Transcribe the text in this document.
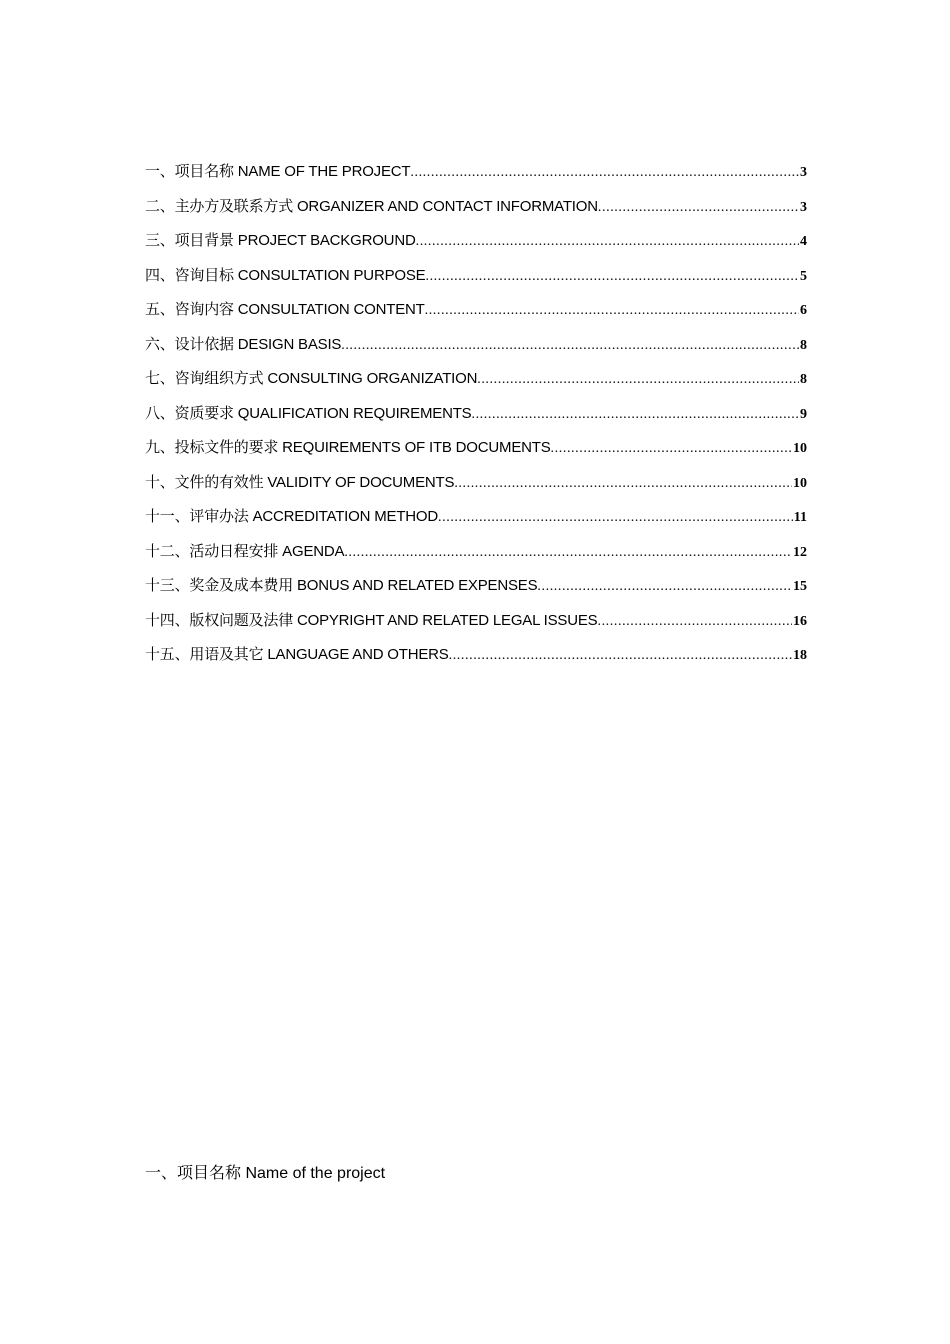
一、项目名称 NAME OF THE PROJECT .....	3
二、主办方及联系方式 ORGANIZER AND CONTACT INFORMATION .....	3
三、项目背景 PROJECT BACKGROUND .....	4
四、咨询目标 CONSULTATION PURPOSE .....	5
五、咨询内容 CONSULTATION CONTENT .....	6
六、设计依据 DESIGN BASIS .....	8
七、咨询组织方式 CONSULTING ORGANIZATION .....	8
八、资质要求 QUALIFICATION REQUIREMENTS .....	9
九、投标文件的要求 REQUIREMENTS OF ITB DOCUMENTS .....	10
十、文件的有效性 VALIDITY OF DOCUMENTS .....	10
十一、评审办法 ACCREDITATION METHOD .....	11
十二、活动日程安排 AGENDA .....	12
十三、奖金及成本费用 BONUS AND RELATED EXPENSES .....	15
十四、版权问题及法律 COPYRIGHT AND RELATED LEGAL ISSUES .....	16
十五、用语及其它 LANGUAGE AND OTHERS .....	18
一、项目名称 Name of the project
